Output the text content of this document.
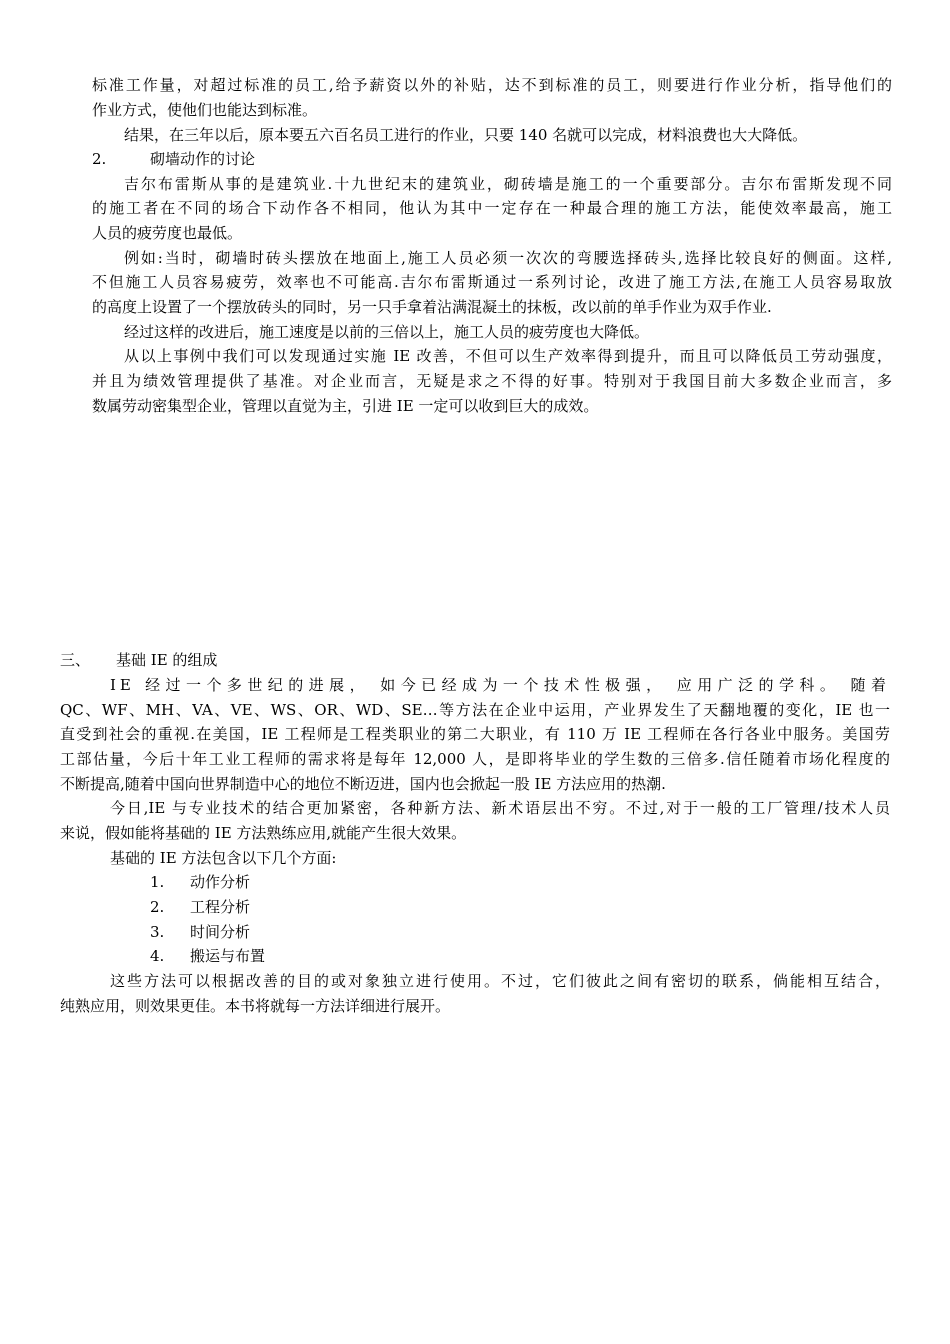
标准工作量，对超过标准的员工,给予薪资以外的补贴，达不到标准的员工，则要进行作业分析，指导他们的
作业方式，使他们也能达到标准。
结果，在三年以后，原本要五六百名员工进行的作业，只要 140 名就可以完成，材料浪费也大大降低。
2.	砌墙动作的讨论
吉尔布雷斯从事的是建筑业.十九世纪末的建筑业，砌砖墙是施工的一个重要部分。吉尔布雷斯发现不同
的施工者在不同的场合下动作各不相同，他认为其中一定存在一种最合理的施工方法，能使效率最高，施工
人员的疲劳度也最低。
例如:当时，砌墙时砖头摆放在地面上,施工人员必须一次次的弯腰选择砖头,选择比较良好的侧面。这样,
不但施工人员容易疲劳，效率也不可能高.吉尔布雷斯通过一系列讨论，改进了施工方法,在施工人员容易取放
的高度上设置了一个摆放砖头的同时，另一只手拿着沾满混凝土的抹板，改以前的单手作业为双手作业.
经过这样的改进后，施工速度是以前的三倍以上，施工人员的疲劳度也大降低。
从以上事例中我们可以发现通过实施 IE 改善，不但可以生产效率得到提升，而且可以降低员工劳动强度，
并且为绩效管理提供了基准。对企业而言，无疑是求之不得的好事。特别对于我国目前大多数企业而言，多
数属劳动密集型企业，管理以直觉为主，引进 IE 一定可以收到巨大的成效。
三、 基础 IE 的组成
IE 经过一个多世纪的进展， 如今已经成为一个技术性极强， 应用广泛的学科。 随着
QC、WF、MH、VA、VE、WS、OR、WD、SE…等方法在企业中运用，产业界发生了天翻地覆的变化，IE 也一
直受到社会的重视.在美国，IE 工程师是工程类职业的第二大职业，有 110 万 IE 工程师在各行各业中服务。美国劳
工部估量，今后十年工业工程师的需求将是每年 12,000 人，是即将毕业的学生数的三倍多.信任随着市场化程度的
不断提高,随着中国向世界制造中心的地位不断迈进，国内也会掀起一股 IE 方法应用的热潮.
今日,IE 与专业技术的结合更加紧密，各种新方法、新术语层出不穷。不过,对于一般的工厂管理/技术人员
来说，假如能将基础的 IE 方法熟练应用,就能产生很大效果。
基础的 IE 方法包含以下几个方面:
1. 动作分析
2. 工程分析
3. 时间分析
4. 搬运与布置
这些方法可以根据改善的目的或对象独立进行使用。不过，它们彼此之间有密切的联系，倘能相互结合，
纯熟应用，则效果更佳。本书将就每一方法详细进行展开。
